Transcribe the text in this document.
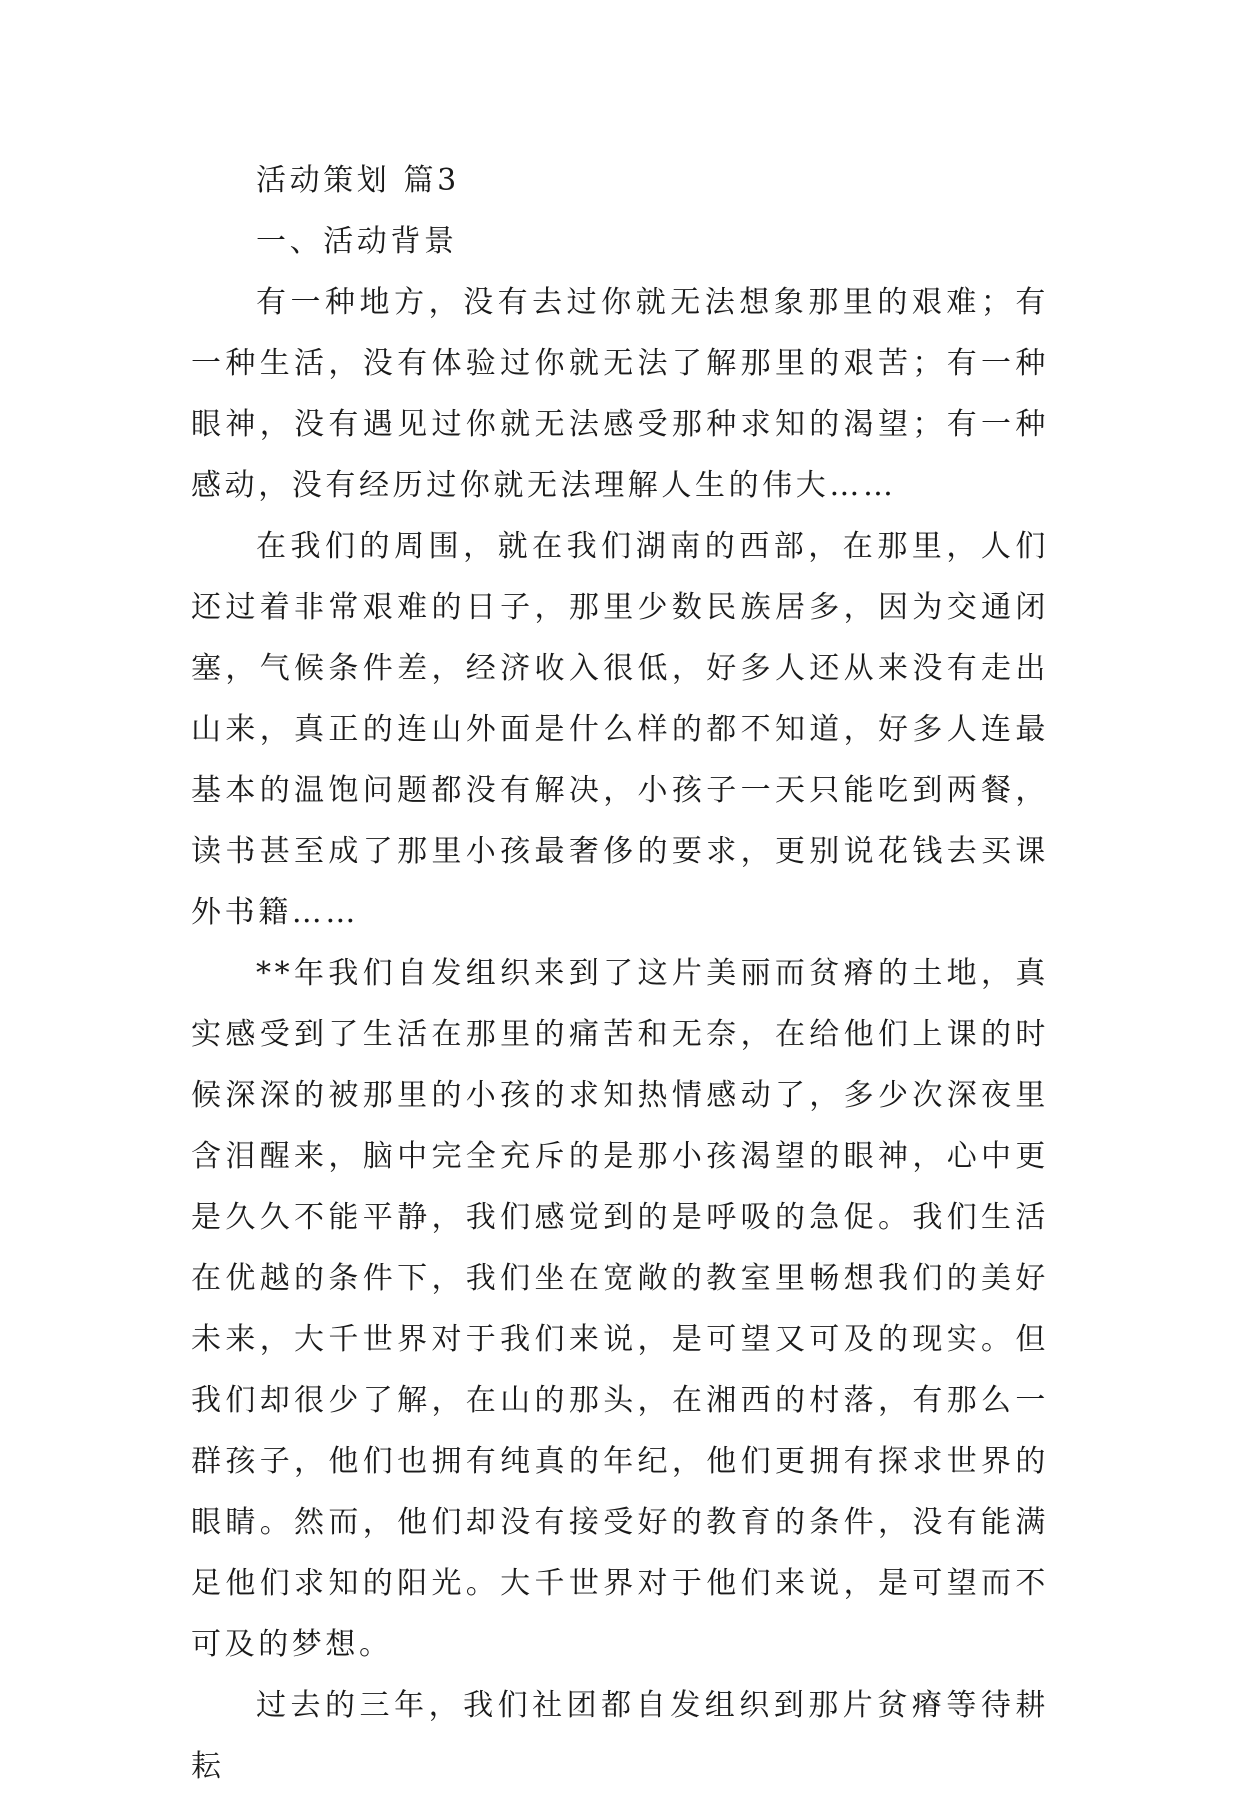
活动策划 篇3
一、活动背景

有一种地方，没有去过你就无法想象那里的艰难；有一种生活，没有体验过你就无法了解那里的艰苦；有一种眼神，没有遇见过你就无法感受那种求知的渴望；有一种感动，没有经历过你就无法理解人生的伟大……

在我们的周围，就在我们湖南的西部，在那里，人们还过着非常艰难的日子，那里少数民族居多，因为交通闭塞，气候条件差，经济收入很低，好多人还从来没有走出山来，真正的连山外面是什么样的都不知道，好多人连最基本的温饱问题都没有解决，小孩子一天只能吃到两餐，读书甚至成了那里小孩最奢侈的要求，更别说花钱去买课外书籍……

**年我们自发组织来到了这片美丽而贫瘠的土地，真实感受到了生活在那里的痛苦和无奈，在给他们上课的时候深深的被那里的小孩的求知热情感动了，多少次深夜里含泪醒来，脑中完全充斥的是那小孩渴望的眼神，心中更是久久不能平静，我们感觉到的是呼吸的急促。我们生活在优越的条件下，我们坐在宽敞的教室里畅想我们的美好未来，大千世界对于我们来说，是可望又可及的现实。但我们却很少了解，在山的那头，在湘西的村落，有那么一群孩子，他们也拥有纯真的年纪，他们更拥有探求世界的眼睛。然而，他们却没有接受好的教育的条件，没有能满足他们求知的阳光。大千世界对于他们来说，是可望而不可及的梦想。

过去的三年，我们社团都自发组织到那片贫瘠等待耕耘
